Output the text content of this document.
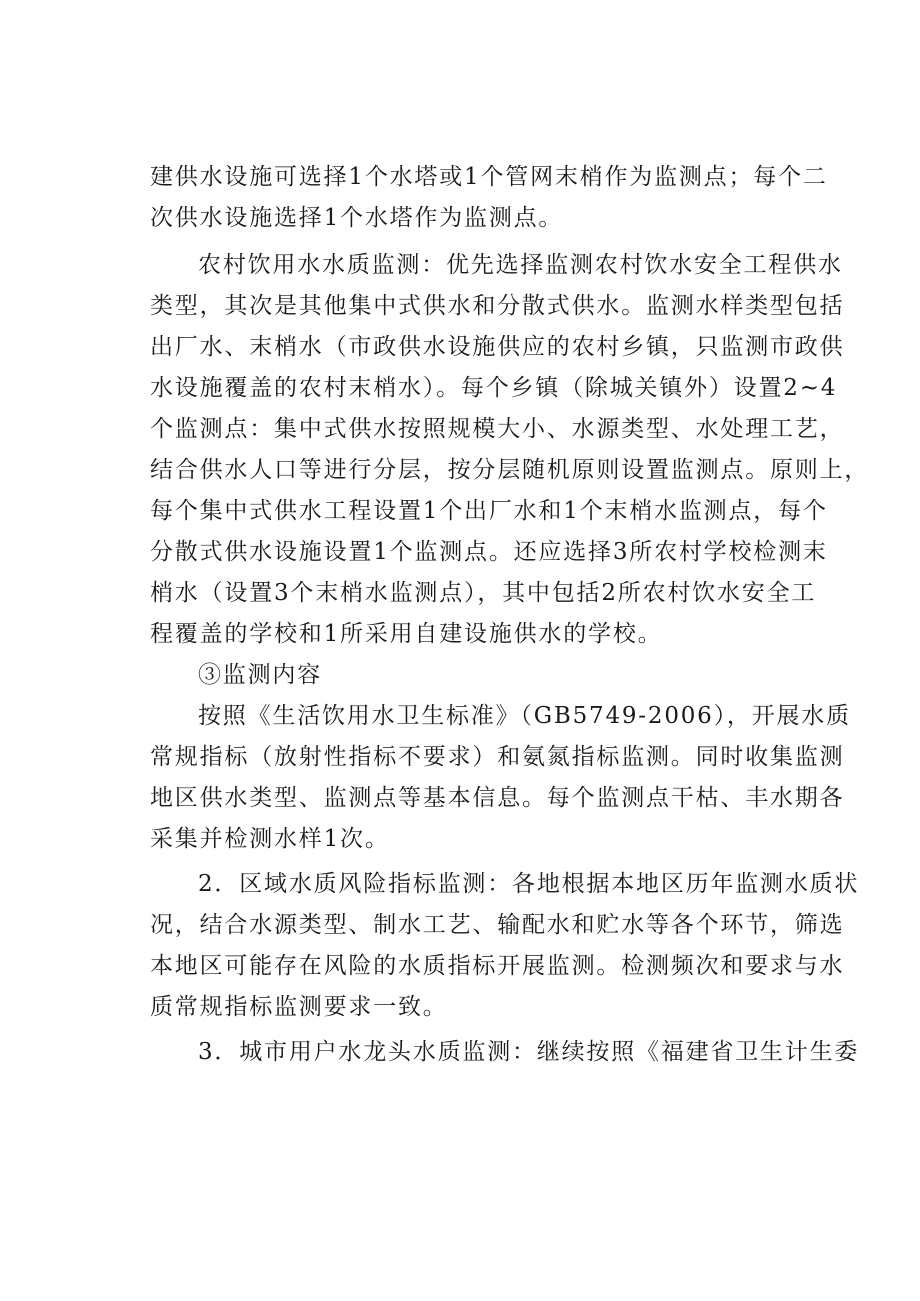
建供水设施可选择1个水塔或1个管网末梢作为监测点；每个二
次供水设施选择1个水塔作为监测点。
农村饮用水水质监测：优先选择监测农村饮水安全工程供水
类型，其次是其他集中式供水和分散式供水。监测水样类型包括
出厂水、末梢水（市政供水设施供应的农村乡镇，只监测市政供
水设施覆盖的农村末梢水）。每个乡镇（除城关镇外）设置2~4
个监测点：集中式供水按照规模大小、水源类型、水处理工艺，
结合供水人口等进行分层，按分层随机原则设置监测点。原则上，
每个集中式供水工程设置1个出厂水和1个末梢水监测点，每个
分散式供水设施设置1个监测点。还应选择3所农村学校检测末
梢水（设置3个末梢水监测点），其中包括2所农村饮水安全工
程覆盖的学校和1所采用自建设施供水的学校。
③监测内容
按照《生活饮用水卫生标准》（GB5749-2006），开展水质
常规指标（放射性指标不要求）和氨氮指标监测。同时收集监测
地区供水类型、监测点等基本信息。每个监测点干枯、丰水期各
采集并检测水样1次。
2．区域水质风险指标监测：各地根据本地区历年监测水质状
况，结合水源类型、制水工艺、输配水和贮水等各个环节，筛选
本地区可能存在风险的水质指标开展监测。检测频次和要求与水
质常规指标监测要求一致。
3．城市用户水龙头水质监测：继续按照《福建省卫生计生委
